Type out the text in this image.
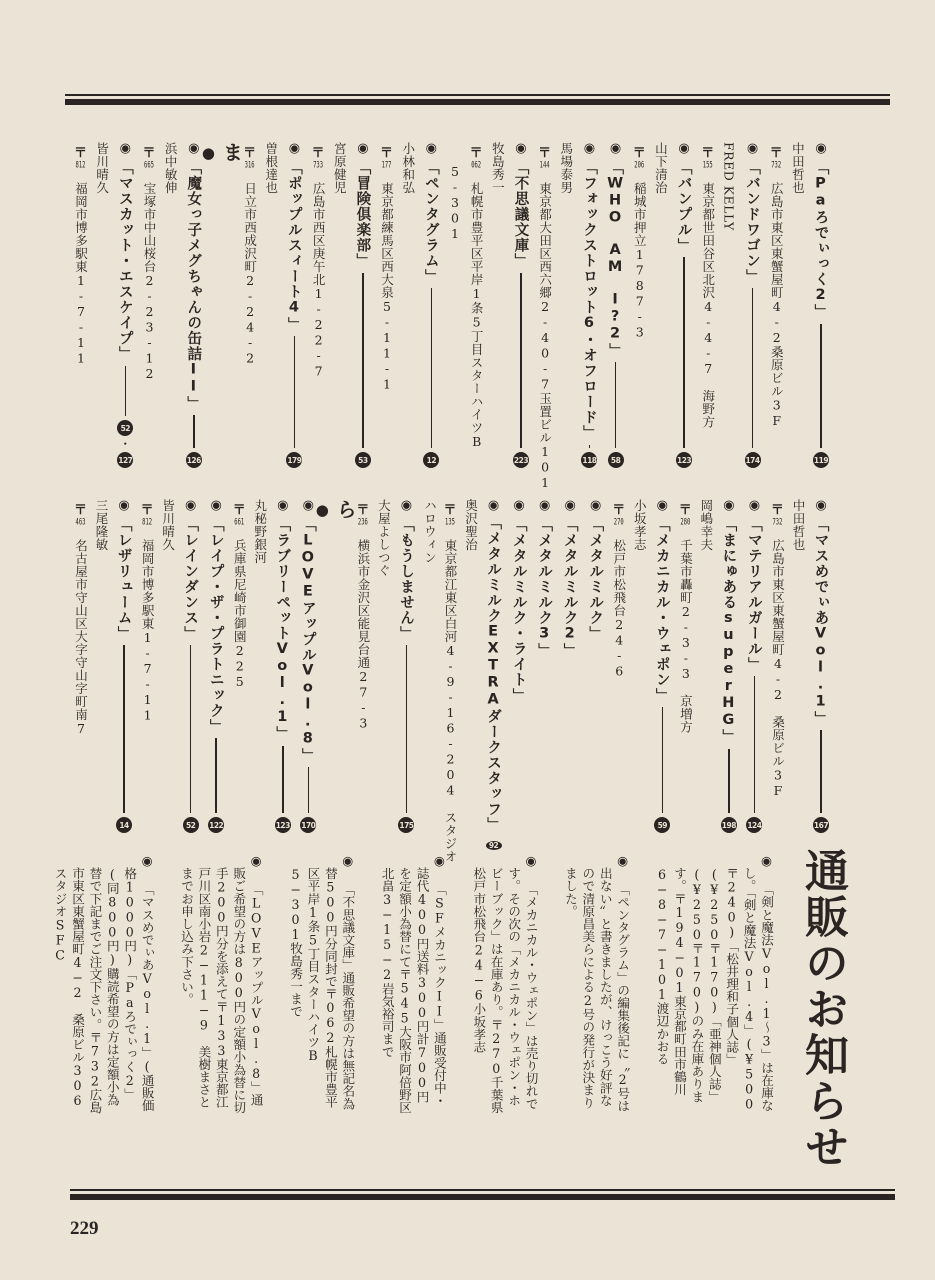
◉
「 Paろでぃっく2 」
119
中田哲也
〒
732
広島市東区東蟹屋町4-2桑原ビル3F
◉
「 バンドワゴン 」
174
FRED KELLY
〒
155
東京都世田谷区北沢4-4-7　海野方
◉
「 バンプル 」
123
山下清治
〒
206
稲城市押立1787-3
◉
「 WHO　AM　I?2 」
58
◉
「 フォックストロット6・オフロード 」
118
馬場泰男
〒
144
東京都大田区西六郷2-40-7玉置ビル101
◉
「 不思議文庫 」
223
牧島秀一
〒
062
札幌市豊平区平岸1条5丁目スターハイツB
5-301
◉
「 ペンタグラム 」
12
小林和弘
〒
177
東京都練馬区西大泉5-11-1
◉
「 冒険倶楽部 」
53
宮原健児
〒
733
広島市西区庚午北1-22-7
◉
「 ポップルスィート4 」
179
曽根達也
〒
316
日立市西成沢町2-24-2
ま ●
◉
「 魔女っ子メグちゃんの缶詰II 」
126
浜中敏伸
〒
665
宝塚市中山桜台2-23-12
◉
「 マスカット・エスケイプ 」
52
・
127
皆川晴久
〒
812
福岡市博多駅東1-7-11
◉
「 マスめでぃあVol.1 」
167
中田哲也
〒
732
広島市東区東蟹屋町4-2　桑原ビル3F
◉
「 マテリアルガール 」
124
◉
「 まにゅあるsuperHG 」
198
岡嶋幸夫
〒
280
千葉市轟町2-3-3　京増方
◉
「 メカニカル・ウェポン 」
59
小坂孝志
〒
270
松戸市松飛台24-6
◉
「 メタルミルク 」
◉
「 メタルミルク2 」
◉
「 メタルミルク3 」
◉
「 メタルミルク・ライト 」
◉
「 メタルミルクEXTRAダークスタッフ 」
92
奥沢聖治
〒
135
東京都江東区白河4-9-16-204　スタジオ
ハロウィン
◉
「 もうしません 」
175
大屋よしつぐ
〒
236
横浜市金沢区能見台通27-3
ら ●
◉
「 LOVEアップルVol.8 」
170
◉
「 ラブリーペットVol.1 」
123
丸秘野銀河
〒
661
兵庫県尼崎市御園225
◉
「 レイプ・ザ・プラトニック 」
122
◉
「 レインダンス 」
52
皆川晴久
〒
812
福岡市博多駅東1-7-11
◉
「 レザリューム 」
14
三尾隆敏
〒
463
名古屋市守山区大字守山字町南7
通販のお知らせ

◉ 「剣と魔法Vol.1〜3」は在庫なし。「剣と魔法Vol.4」(¥500〒240)「松井理和子個人誌」(¥250〒170)「亜神個人誌」(¥250〒170)のみ在庫あります。〒194−01東京都町田市鶴川6−8−7−101渡辺かおる

◉ 「ペンタグラム」の編集後記に〝2号は出ない〟と書きましたが、けっこう好評なので清原昌美らによる2号の発行が決まりました。

◉ 「メカニカル・ウェポン」は売り切れです。その次の「メカニカル・ウェポン・ホビーブック」は在庫あり。〒270千葉県松戸市松飛台24−6小坂孝志

◉ 「SFメカニックII」通販受付中・誌代400円送料300円計700円を定額小為替にて〒545大阪市阿倍野区北畠3−15−2岩気裕司まで

◉ 「不思議文庫」通販希望の方は無記名為替500円分同封で〒062札幌市豊平区平岸1条5丁目スターハイツB　5−301牧島秀一まで

◉ 「LOVEアップルVol.8」通販ご希望の方は800円の定額小為替に切手200円分を添えて〒133東京都江戸川区南小岩2−11−9　美樹まさとまでお申し込み下さい。

◉ 「マスめでぃあVol.1」(通販価格1000円)「Paろでぃっく2」(同800円)購読希望の方は定額小為替で下記までご注文下さい。〒732広島市東区東蟹屋町4−2　桑原ビル306　スタジオSFC

229
